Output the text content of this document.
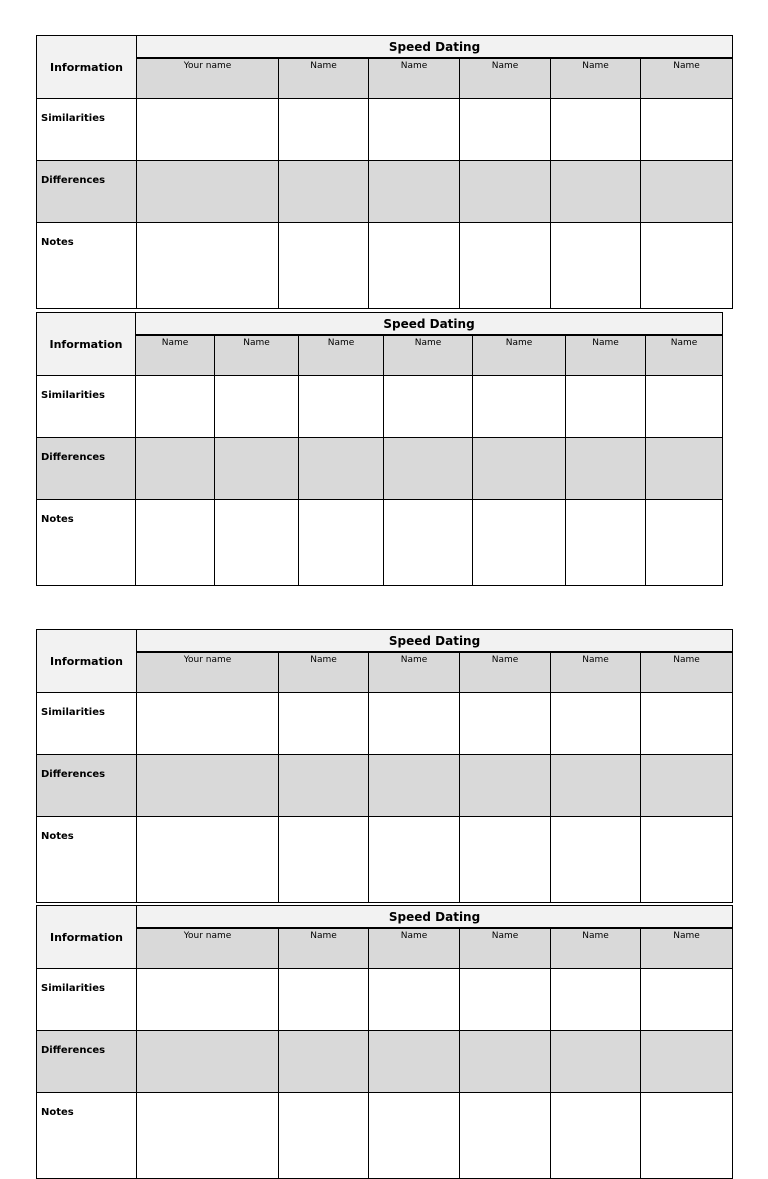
Information	Speed Dating					
	Your name	Name	Name	Name	Name	Name
Similarities						
Differences						
Notes						
Information	Speed Dating						
	Name	Name	Name	Name	Name	Name	Name
Similarities							
Differences							
Notes							
Information	Speed Dating					
	Your name	Name	Name	Name	Name	Name
Similarities						
Differences						
Notes						
Information	Speed Dating					
	Your name	Name	Name	Name	Name	Name
Similarities						
Differences						
Notes						
